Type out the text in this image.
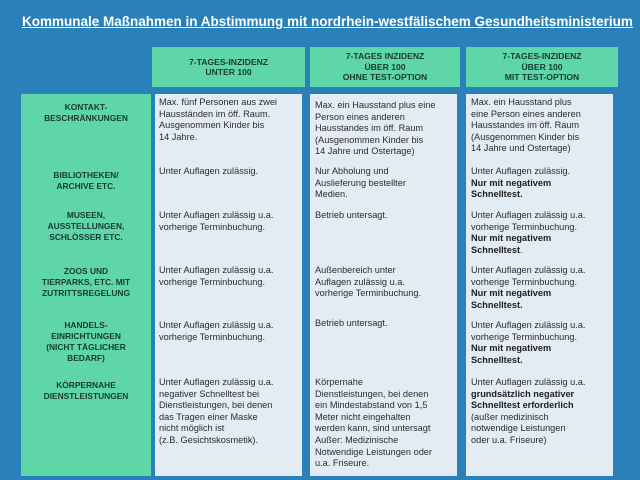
Kommunale Maßnahmen in Abstimmung mit nordrhein-westfälischem Gesundheitsministerium
7-TAGES-INZIDENZ
UNTER 100
7-TAGES INZIDENZ
ÜBER 100
OHNE TEST-OPTION
7-TAGES-INZIDENZ
ÜBER 100
MIT TEST-OPTION
KONTAKT-
BESCHRÄNKUNGEN
BIBLIOTHEKEN/
ARCHIVE ETC.
MUSEEN,
AUSSTELLUNGEN,
SCHLÖSSER ETC.
ZOOS UND
TIERPARKS, ETC. MIT
ZUTRITTSREGELUNG
HANDELS-
EINRICHTUNGEN
(NICHT TÄGLICHER
BEDARF)
KÖRPERNAHE
DIENSTLEISTUNGEN
Max. fünf Personen aus zwei
Hausständen im öff. Raum.
Ausgenommen Kinder bis
14 Jahre.
Unter Auflagen zulässig.
Unter Auflagen zulässig u.a.
vorherige Terminbuchung.
Unter Auflagen zulässig u.a.
vorherige Terminbuchung.
Unter Auflagen zulässig u.a.
vorherige Terminbuchung.
Unter Auflagen zulässig u.a.
negativer Schnelltest bei
Dienstleistungen, bei denen
das Tragen einer Maske
nicht möglich ist
(z.B. Gesichtskosmetik).
Max. ein Hausstand plus eine
Person eines anderen
Hausstandes im öff. Raum
(Ausgenommen Kinder bis
14 Jahre und Ostertage)
Nur Abholung und
Auslieferung bestellter
Medien.
Betrieb untersagt.
Außenbereich unter
Auflagen zulässig u.a.
vorherige Terminbuchung.
Betrieb untersagt.
Körpernahe
Dienstleistungen, bei denen
ein Mindestabstand von 1,5
Meter nicht eingehalten
werden kann, sind untersagt
Außer: Medizinische
Notwendige Leistungen oder
u.a. Friseure.
Max. ein Hausstand plus
eine Person eines anderen
Hausstandes im öff. Raum
(Ausgenommen Kinder bis
14 Jahre und Ostertage)
Unter Auflagen zulässig.
Nur mit negativem
Schnelltest.
Unter Auflagen zulässig u.a.
vorherige Terminbuchung.
Nur mit negativem
Schnelltest.
Unter Auflagen zulässig u.a.
vorherige Terminbuchung.
Nur mit negativem
Schnelltest.
Unter Auflagen zulässig u.a.
vorherige Terminbuchung.
Nur mit negativem
Schnelltest.
Unter Auflagen zulässig u.a.
grundsätzlich negativer
Schnelltest erforderlich
(außer medizinisch
notwendige Leistungen
oder u.a. Friseure)
